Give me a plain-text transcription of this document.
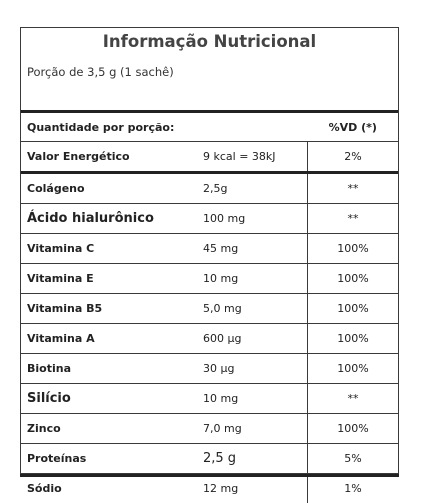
Informação Nutricional
Porção de 3,5 g (1 sachê)
Quantidade por porção:		%VD (*)
Valor Energético	9 kcal = 38kJ	2%
Colágeno	2,5g	**
Ácido hialurônico	100 mg	**
Vitamina C	45 mg	100%
Vitamina E	10 mg	100%
Vitamina B5	5,0 mg	100%
Vitamina A	600 µg	100%
Biotina	30 µg	100%
Silício	10 mg	**
Zinco	7,0 mg	100%
Proteínas	2,5 g	5%
Sódio	12 mg	1%
